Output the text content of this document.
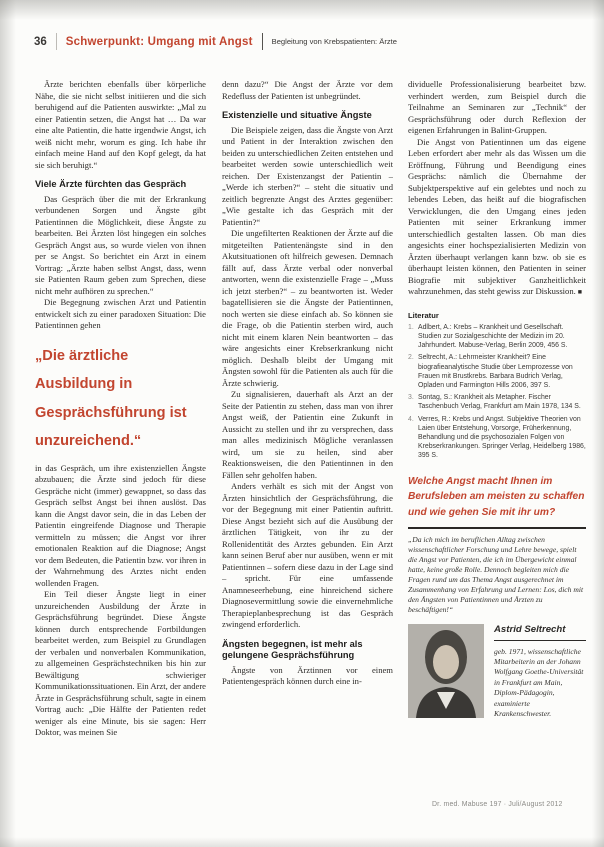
36 Schwerpunkt: Umgang mit Angst	Begleitung von Krebspatienten: Ärzte

Ärzte berichten ebenfalls über körperliche Nähe, die sie nicht selbst initiieren und die sich beruhigend auf die Patienten auswirkte: „Mal zu einer Patientin setzen, die Angst hat … Da war eine alte Patientin, die hatte irgendwie Angst, ich weiß nicht mehr, worum es ging. Ich habe ihr einfach meine Hand auf den Kopf gelegt, da hat sie sich beruhigt.“

Viele Ärzte fürchten das Gespräch

Das Gespräch über die mit der Erkrankung verbundenen Sorgen und Ängste gibt Patientinnen die Möglichkeit, diese Ängste zu bearbeiten. Bei Ärzten löst hingegen ein solches Gespräch Angst aus, so wurde vielen von ihnen per se Angst. So berichtet ein Arzt in einem Vortrag: „Ärzte haben selbst Angst, dass, wenn sie Patienten Raum geben zum Sprechen, diese nicht mehr aufhören zu sprechen.“

Die Begegnung zwischen Arzt und Patientin entwickelt sich zu einer paradoxen Situation: Die Patientinnen gehen

„Die ärztliche Ausbildung in Gesprächsführung ist unzureichend.“

in das Gespräch, um ihre existenziellen Ängste abzubauen; die Ärzte sind jedoch für diese Gespräche nicht (immer) gewappnet, so dass das Gespräch selbst Angst bei ihnen auslöst. Das kann die Angst davor sein, die in das Leben der Patientin eingreifende Diagnose und Therapie vermitteln zu müssen; die Angst vor ihrer emotionalen Reaktion auf die Diagnose; Angst vor dem Bedeuten, die Patientin bzw. vor ihren in der Wahrnehmung des Arztes nicht enden wollenden Fragen.

Ein Teil dieser Ängste liegt in einer unzureichenden Ausbildung der Ärzte in Gesprächsführung begründet. Diese Ängste können durch entsprechende Fortbildungen bearbeitet werden, zum Beispiel zu Grundlagen der verbalen und nonverbalen Kommunikation, zu allgemeinen Gesprächstechniken bis hin zur Bewältigung schwieriger Kommunikationssituationen. Ein Arzt, der andere Ärzte in Gesprächsführung schult, sagte in einem Vortrag auch: „Die Hälfte der Patienten redet weniger als eine Minute, bis sie sagen: Herr Doktor, was meinen Sie

denn dazu?“ Die Angst der Ärzte vor dem Redefluss der Patienten ist unbegründet.

Existenzielle und situative Ängste

Die Beispiele zeigen, dass die Ängste von Arzt und Patient in der Interaktion zwischen den beiden zu unterschiedlichen Zeiten entstehen und bearbeitet werden sowie unterschiedlich weit reichen. Der Existenzangst der Patientin – „Werde ich sterben?“ – steht die situativ und zeitlich begrenzte Angst des Arztes gegenüber: „Wie gestalte ich das Gespräch mit der Patientin?“

Die ungefilterten Reaktionen der Ärzte auf die mitgeteilten Patientenängste sind in den Akutsituationen oft hilfreich gewesen. Demnach fällt auf, dass Ärzte verbal oder nonverbal antworten, wenn die existenzielle Frage – „Muss ich jetzt sterben?“ – zu beantworten ist. Weder bagatellisieren sie die Ängste der Patientinnen, noch werten sie diese einfach ab. So können sie die Frage, ob die Patientin sterben wird, auch nicht mit einem klaren Nein beantworten – das wäre angesichts einer Krebserkrankung nicht möglich. Deshalb bleibt der Umgang mit Ängsten sowohl für die Patienten als auch für die Ärzte schwierig.

Zu signalisieren, dauerhaft als Arzt an der Seite der Patientin zu stehen, dass man von ihrer Angst weiß, der Patientin eine Zukunft in Aussicht zu stellen und ihr zu versprechen, dass man alles medizinisch Mögliche veranlassen wird, um sie zu heilen, sind aber Reaktionsweisen, die den Patientinnen in den Fällen sehr geholfen haben.

Anders verhält es sich mit der Angst von Ärzten hinsichtlich der Gesprächsführung, die vor der Begegnung mit einer Patientin auftritt. Diese Angst bezieht sich auf die Ausübung der ärztlichen Tätigkeit, von ihr zu der Rollenidentität des Arztes gebunden. Ein Arzt kann seinen Beruf aber nur ausüben, wenn er mit Patientinnen – sofern diese dazu in der Lage sind – spricht. Für eine umfassende Anamneseerhebung, eine hinreichend sichere Diagnosevermittlung sowie die einvernehmliche Therapieplanbesprechung ist das Gespräch zwingend erforderlich.

Ängsten begegnen, ist mehr als gelungene Gesprächsführung

Ängste von Ärztinnen vor einem Patientengespräch können durch eine in-

dividuelle Professionalisierung bearbeitet bzw. verhindert werden, zum Beispiel durch die Teilnahme an Seminaren zur „Technik“ der Gesprächsführung oder durch Reflexion der eigenen Erfahrungen in Balint-Gruppen.

Die Angst von Patientinnen um das eigene Leben erfordert aber mehr als das Wissen um die Eröffnung, Führung und Beendigung eines Gesprächs: nämlich die Übernahme der Subjektperspektive auf ein gelebtes und noch zu lebendes Leben, das heißt auf die biografischen Verwicklungen, die den Umgang eines jeden Patienten mit seiner Erkrankung immer unterschiedlich gestalten lassen. Ob man dies angesichts einer hochspezialisierten Medizin von Ärzten überhaupt verlangen kann bzw. ob sie es überhaupt leisten können, den Patienten in seiner Biografie mit subjektiver Ganzheitlichkeit wahrzunehmen, das steht gewiss zur Diskussion. ■

Literatur
1. Adlbert, A.: Krebs – Krankheit und Gesellschaft. Studien zur Sozialgeschichte der Medizin im 20. Jahrhundert. Mabuse-Verlag, Berlin 2009, 456 S.
2. Seltrecht, A.: Lehrmeister Krankheit? Eine biografieanalytische Studie über Lernprozesse von Frauen mit Brustkrebs. Barbara Budrich Verlag, Opladen und Farmington Hills 2006, 397 S.
3. Sontag, S.: Krankheit als Metapher. Fischer Taschenbuch Verlag, Frankfurt am Main 1978, 134 S.
4. Verres, R.: Krebs und Angst. Subjektive Theorien von Laien über Entstehung, Vorsorge, Früherkennung, Behandlung und die psychosozialen Folgen von Krebserkrankungen. Springer Verlag, Heidelberg 1986, 395 S.
Welche Angst macht Ihnen im Berufsleben am meisten zu schaffen und wie gehen Sie mit ihr um?
„Da ich mich im beruflichen Alltag zwischen wissenschaftlicher Forschung und Lehre bewege, spielt die Angst vor Patienten, die ich im Übergewicht einmal hatte, keine große Rolle. Dennoch begleiten mich die Fragen rund um das Thema Angst ausgerechnet im Zusammenhang von Erfahrung und Lernen: Los, dich mit den Ängsten von Patientinnen und Ärzten zu beschäftigen!“
Astrid Seltrecht
geb. 1971, wissenschaftliche Mitarbeiterin an der Johann Wolfgang Goethe-Universität in Frankfurt am Main, Diplom-Pädagogin, examinierte Krankenschwester.
Dr. med. Mabuse 197 · Juli/August 2012
